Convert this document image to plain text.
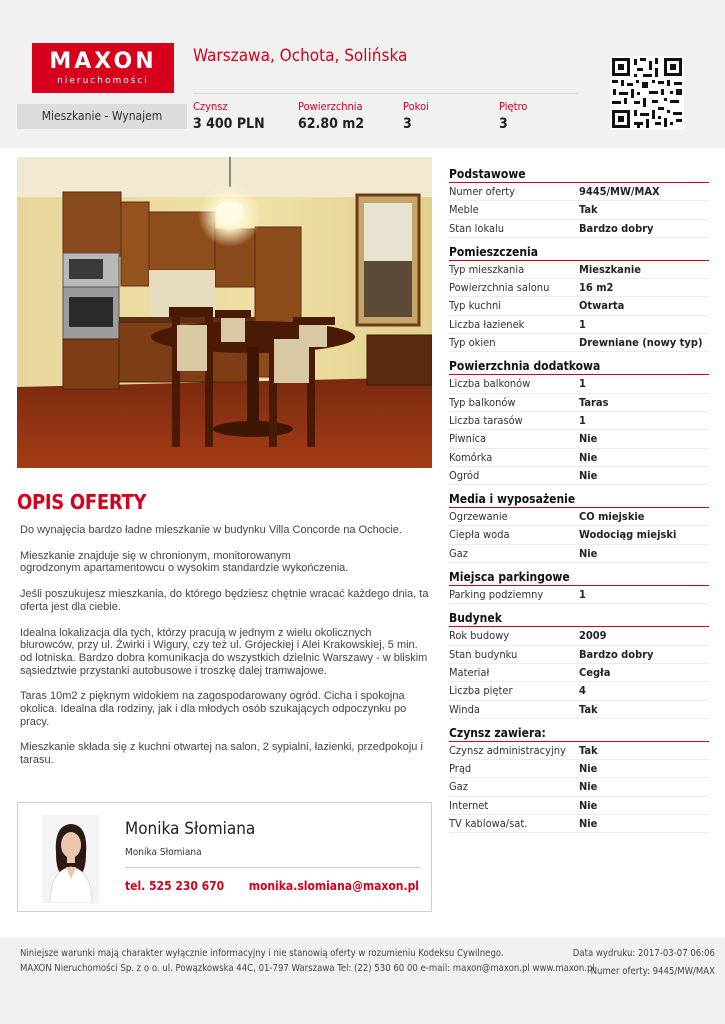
MAXON
nieruchomości
Warszawa, Ochota, Solińska
Mieszkanie - Wynajem
Czynsz
3 400 PLN
Powierzchnia
62.80 m2
Pokoi
3
Piętro
3
OPIS OFERTY

Do wynajęcia bardzo ładne mieszkanie w budynku Villa Concorde na Ochocie.

Mieszkanie znajduje się w chronionym, monitorowanym
ogrodzonym apartamentowcu o wysokim standardzie wykończenia.

Jeśli poszukujesz mieszkania, do którego będziesz chętnie wracać każdego dnia, ta
oferta jest dla ciebie.

Idealna lokalizacja dla tych, którzy pracują w jednym z wielu okolicznych
biurowców, przy ul. Żwirki i Wigury, czy też ul. Grójeckiej i Alei Krakowskiej, 5 min.
od lotniska. Bardzo dobra komunikacja do wszystkich dzielnic Warszawy - w bliskim
sąsiedztwie przystanki autobusowe i troszkę dalej tramwajowe.

Taras 10m2 z pięknym widokiem na zagospodarowany ogród. Cicha i spokojna
okolica. Idealna dla rodziny, jak i dla młodych osób szukających odpoczynku po
pracy.

Mieszkanie składa się z kuchni otwartej na salon, 2 sypialni, łazienki, przedpokoju i
tarasu.

Monika Słomiana
Monika Słomiana
tel. 525 230 670 monika.slomiana@maxon.pl
Podstawowe
Numer oferty	9445/MW/MAX
Meble	Tak
Stan lokalu	Bardzo dobry
Pomieszczenia
Typ mieszkania	Mieszkanie
Powierzchnia salonu	16 m2
Typ kuchni	Otwarta
Liczba łazienek	1
Typ okien	Drewniane (nowy typ)
Powierzchnia dodatkowa
Liczba balkonów	1
Typ balkonów	Taras
Liczba tarasów	1
Piwnica	Nie
Komórka	Nie
Ogród	Nie
Media i wyposażenie
Ogrzewanie	CO miejskie
Ciepła woda	Wodociąg miejski
Gaz	Nie
Miejsca parkingowe
Parking podziemny	1
Budynek
Rok budowy	2009
Stan budynku	Bardzo dobry
Materiał	Cegła
Liczba pięter	4
Winda	Tak
Czynsz zawiera:
Czynsz administracyjny	Tak
Prąd	Nie
Gaz	Nie
Internet	Nie
TV kablowa/sat.	Nie
Niniejsze warunki mają charakter wyłącznie informacyjny i nie stanowią oferty w rozumieniu Kodeksu Cywilnego.
MAXON Nieruchomości Sp. z o o. ul. Powązkowska 44C, 01-797 Warszawa Tel: (22) 530 60 00 e-mail: maxon@maxon.pl www.maxon.pl
Data wydruku: 2017-03-07 06:06
Numer oferty: 9445/MW/MAX
